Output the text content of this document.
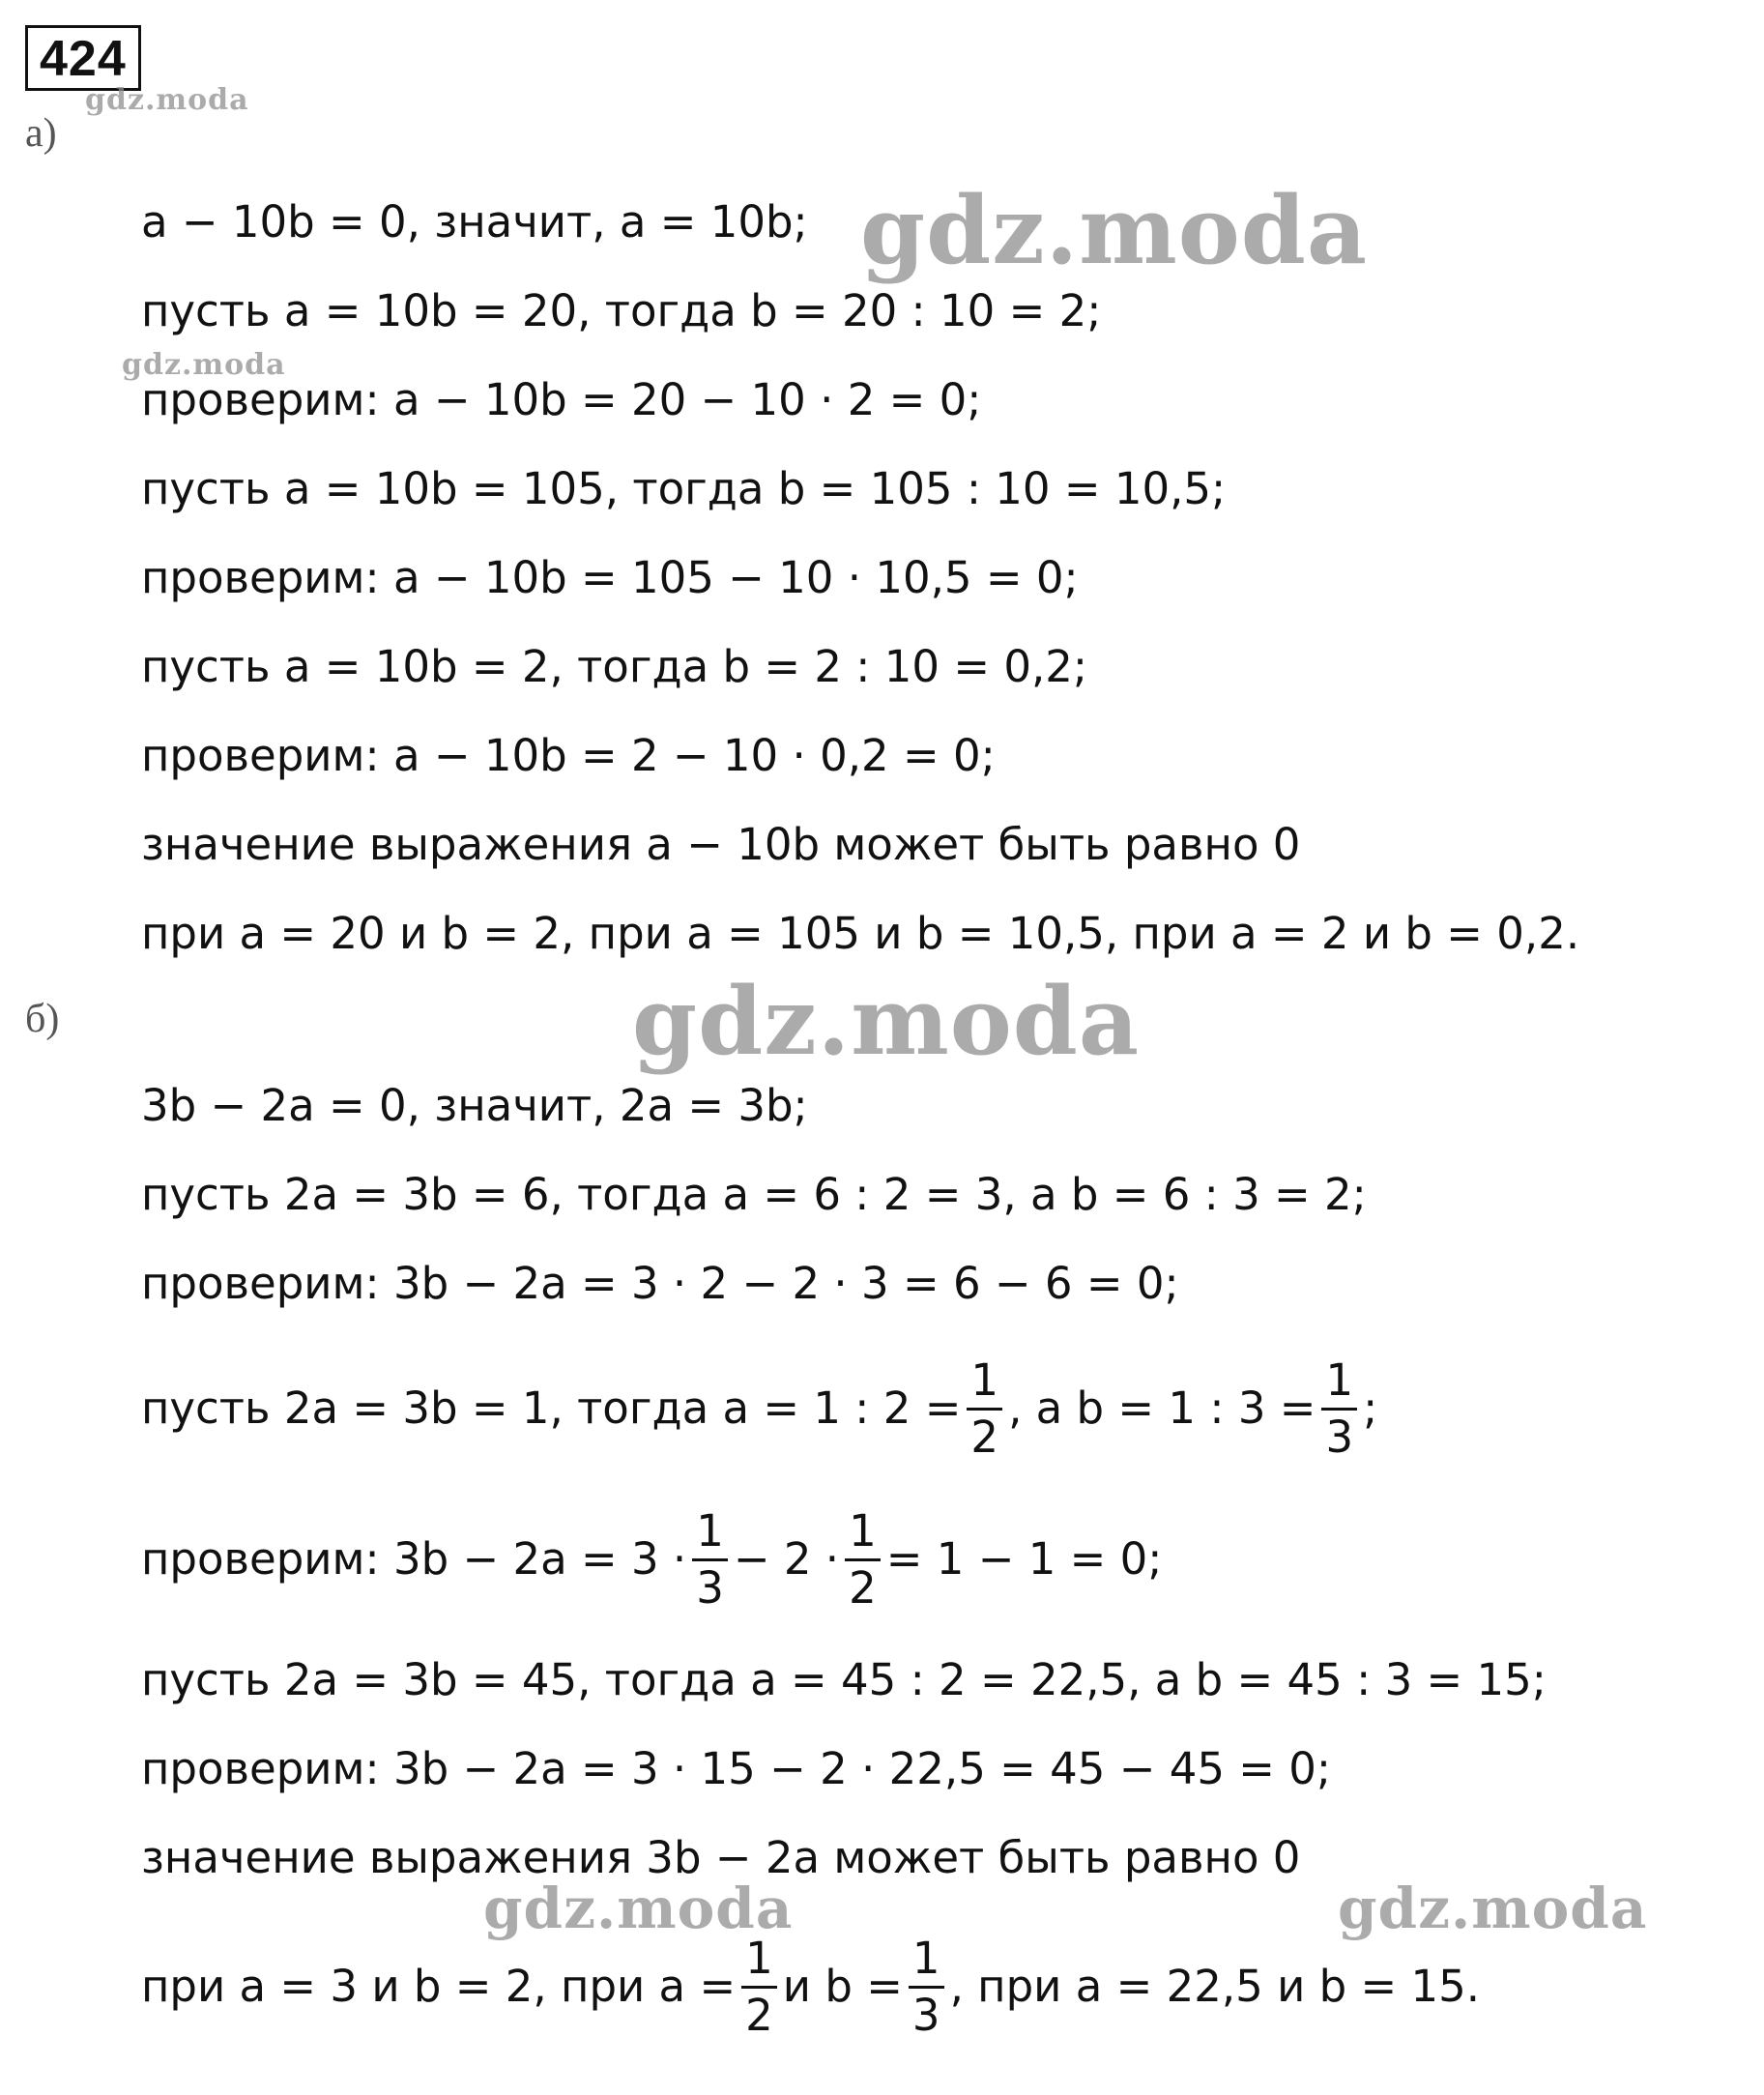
424
gdz.moda
gdz.moda
gdz.moda
gdz.moda
gdz.moda	gdz.moda
а)
a − 10b = 0, значит, a = 10b;
пусть a = 10b = 20, тогда b = 20 : 10 = 2;
проверим: a − 10b = 20 − 10 · 2 = 0;
пусть a = 10b = 105, тогда b = 105 : 10 = 10,5;
проверим: a − 10b = 105 − 10 · 10,5 = 0;
пусть a = 10b = 2, тогда b = 2 : 10 = 0,2;
проверим: a − 10b = 2 − 10 · 0,2 = 0;
значение выражения a − 10b может быть равно 0
при a = 20 и b = 2, при a = 105 и b = 10,5, при a = 2 и b = 0,2.
б)
3b − 2a = 0, значит, 2a = 3b;
пусть 2a = 3b = 6, тогда a = 6 : 2 = 3, а b = 6 : 3 = 2;
проверим: 3b − 2a = 3 · 2 − 2 · 3 = 6 − 6 = 0;
пусть 2a = 3b = 1, тогда a = 1 : $2 = \frac{1}{2}$ , а b = 1 : $3 = \frac{1}{3}$ ;
проверим: $3b - 2a = 3 \cdot \frac{1}{3} - 2 \cdot \frac{1}{2} = 1 - 1 = 0$;
пусть 2a = 3b = 45, тогда a = 45 : 2 = 22,5, а b = 45 : 3 = 15;
проверим: 3b − 2a = 3 · 15 − 2 · 22,5 = 45 − 45 = 0;
значение выражения 3b − 2a может быть равно 0
при a = 3 и b = 2, при $a = \frac{1}{2}$ и $b = \frac{1}{3}$ , при a = 22,5 и b = 15.
